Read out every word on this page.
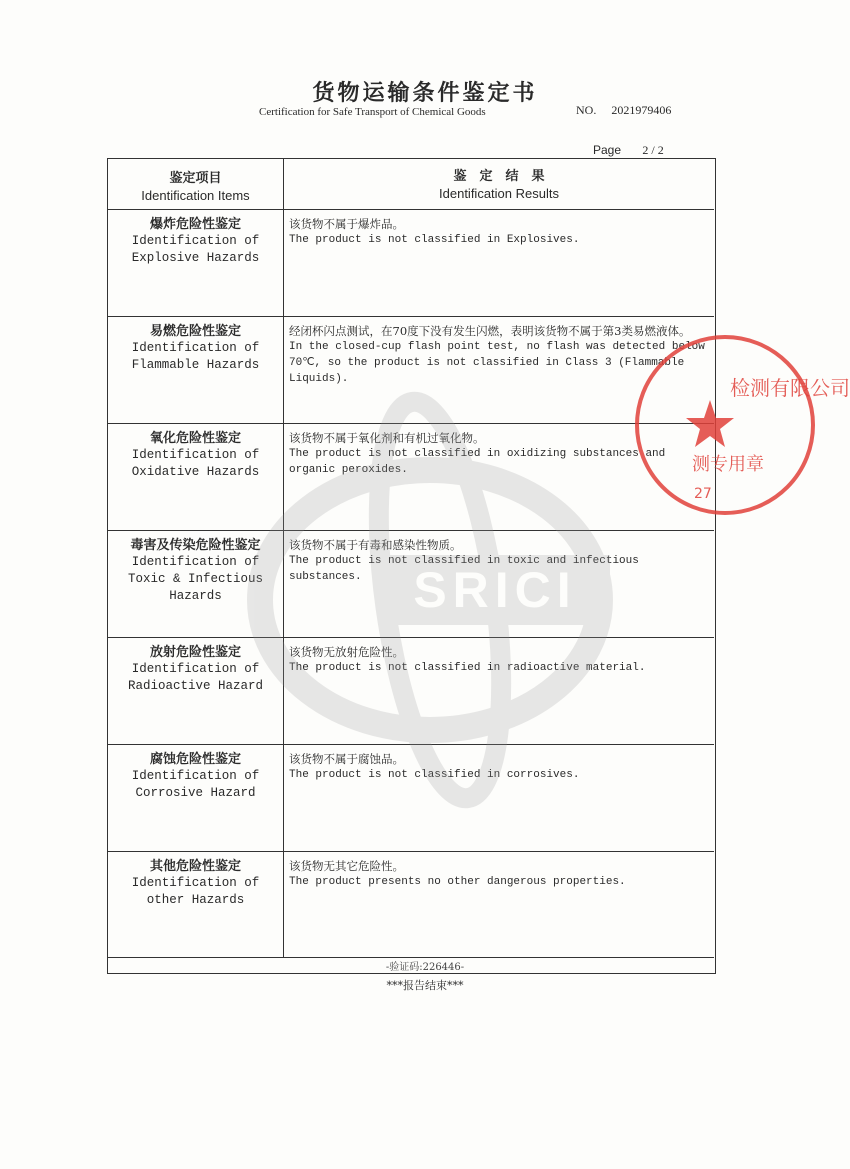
货物运输条件鉴定书
Certification for Safe Transport of Chemical Goods	NO. 2021979406
Page 2 / 2
鉴定项目
Identification Items
鉴　定　结　果
Identification Results
爆炸危险性鉴定
Identification of
Explosive Hazards
该货物不属于爆炸品。
The product is not classified in Explosives.
易燃危险性鉴定
Identification of
Flammable Hazards
经闭杯闪点测试，在70度下没有发生闪燃，表明该货物不属于第3类易燃液体。
In the closed-cup flash point test, no flash was detected below 70℃, so the product is not classified in Class 3 (Flammable Liquids).
氧化危险性鉴定
Identification of
Oxidative Hazards
该货物不属于氧化剂和有机过氧化物。
The product is not classified in oxidizing substances and organic peroxides.
毒害及传染危险性鉴定
Identification of
Toxic & Infectious
Hazards
该货物不属于有毒和感染性物质。
The product is not classified in toxic and infectious substances.
放射危险性鉴定
Identification of
Radioactive Hazard
该货物无放射危险性。
The product is not classified in radioactive material.
腐蚀危险性鉴定
Identification of
Corrosive Hazard
该货物不属于腐蚀品。
The product is not classified in corrosives.
其他危险性鉴定
Identification of
other Hazards
该货物无其它危险性。
The product presents no other dangerous properties.
-验证码:226446-
***报告结束***
SRICI
检测有限公司
测专用章
27
